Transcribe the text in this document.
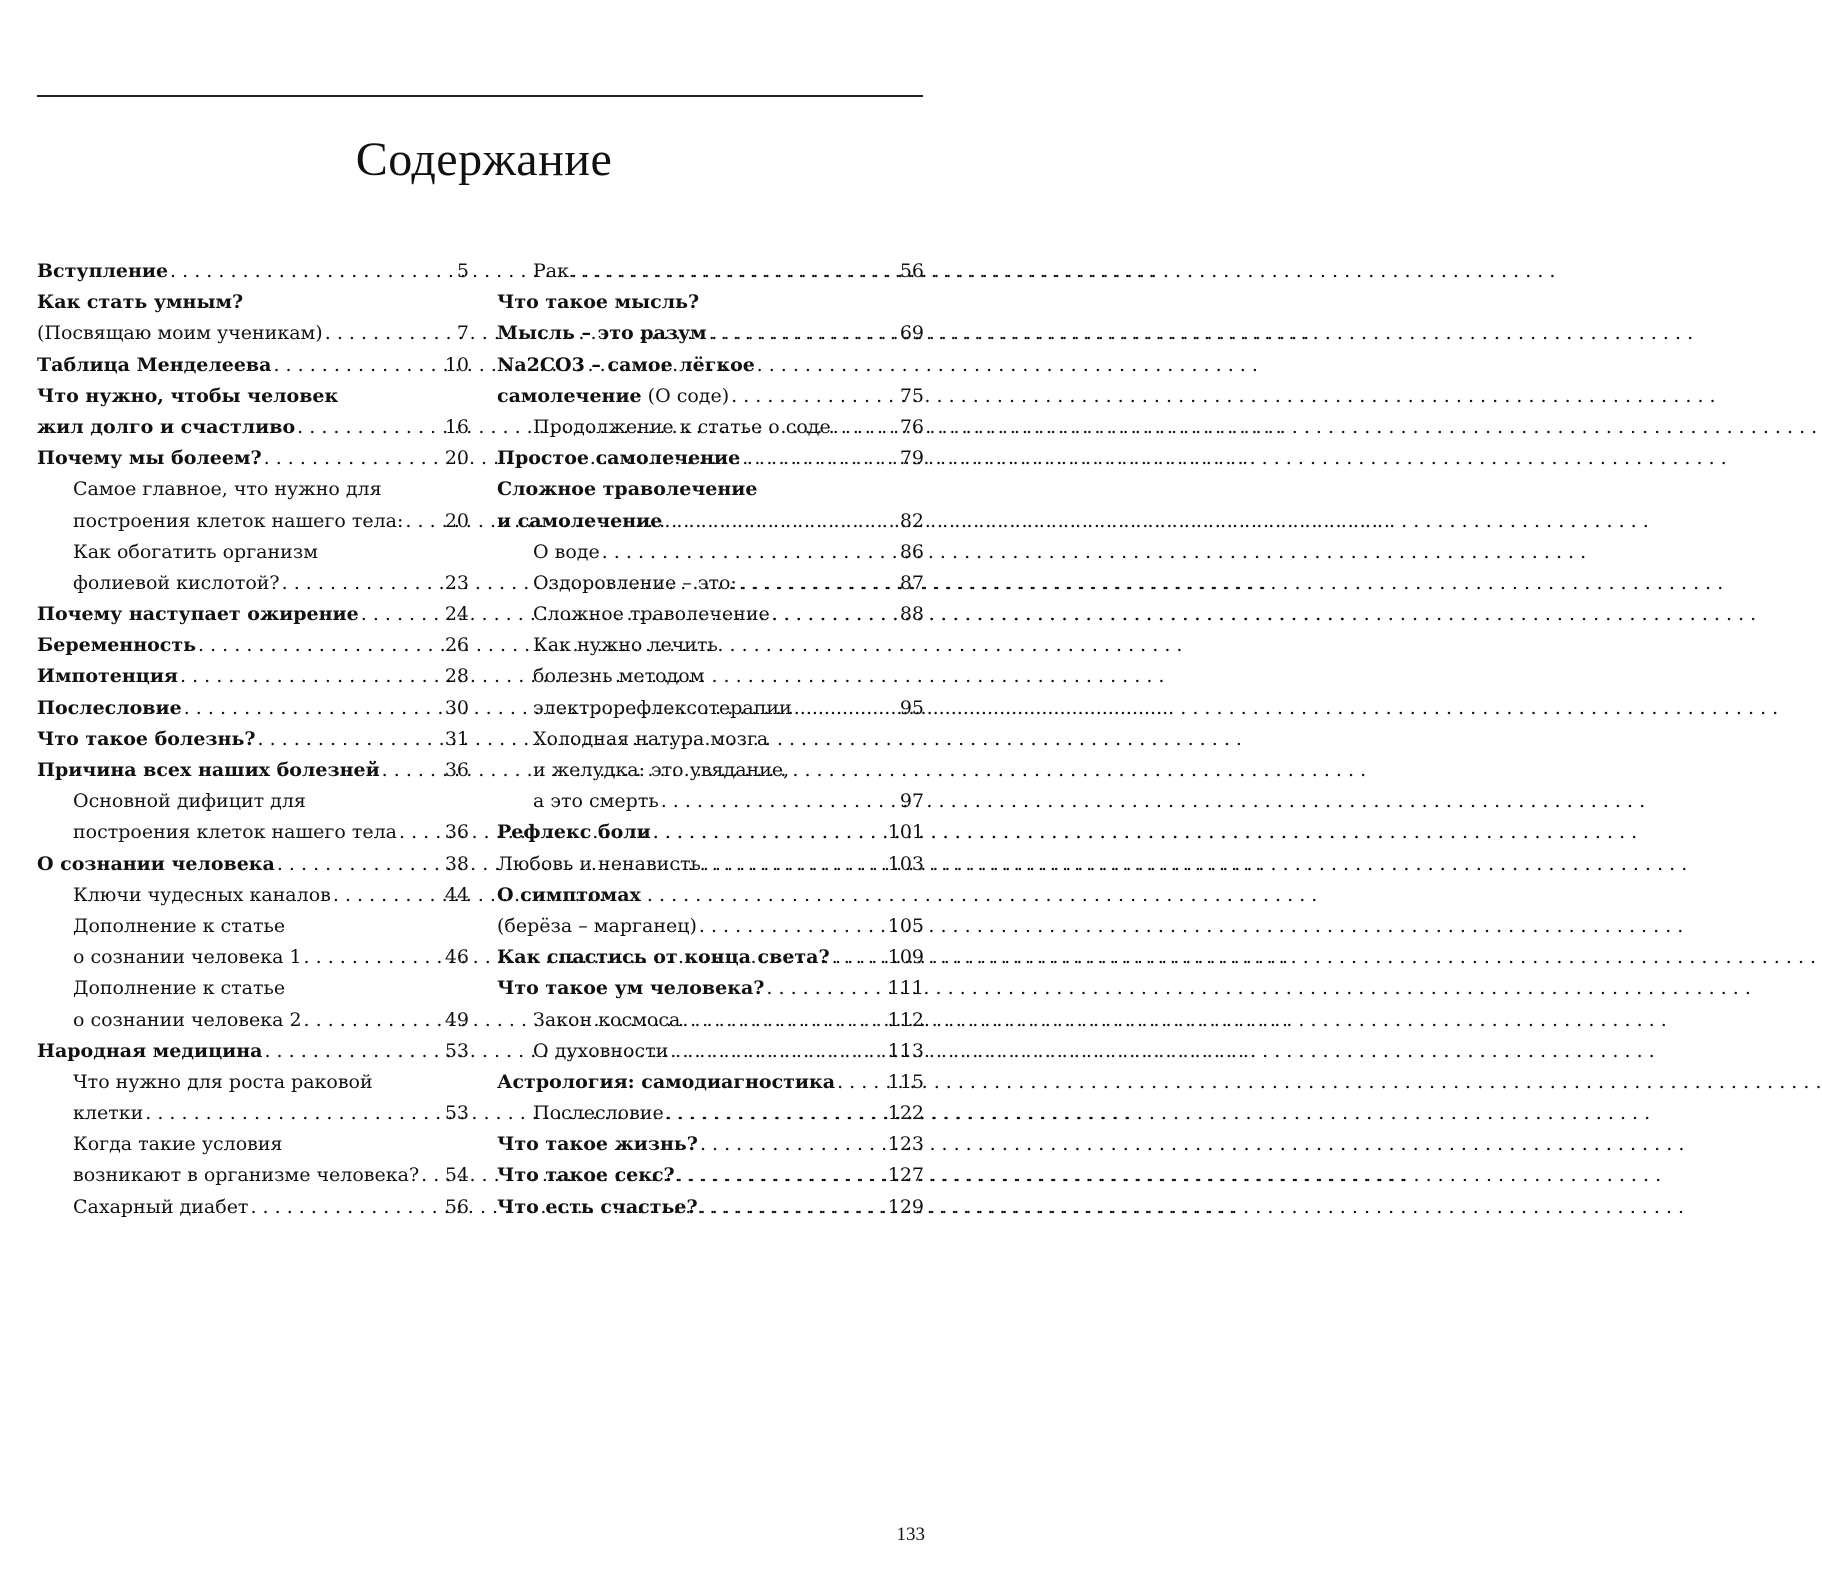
Содержание
Вступление . . .	5
Как стать умным?
(Посвящаю моим ученикам) . . .	7
Таблица Менделеева . . .	10
Что нужно, чтобы человек
жил долго и счастливо . . .	16
Почему мы болеем? . . .	20
Самое главное, что нужно для
построения клеток нашего тела: . . . 20
Как обогатить организм
фолиевой кислотой? . . .	23
Почему наступает ожирение . . .	24
Беременность . . .	26
Импотенция . . .	28
Послесловие . . .	30
Что такое болезнь? . . .	31
Причина всех наших болезней . . .	36
Основной дифицит для
построения клеток нашего тела . . .	36
О сознании человека . . .	38
Ключи чудесных каналов . . .	44
Дополнение к статье
о сознании человека 1 . . .	46
Дополнение к статье
о сознании человека 2 . . .	49
Народная медицина . . .	53
Что нужно для роста раковой
клетки . . .	53
Когда такие условия
возникают в организме человека? . . . 54
Сахарный диабет . . .	56
Рак . . .	56
Что такое мысль?
Мысль – это разум . . .	69
Na2CO3 – самое лёгкое
самолечение (О соде) . . .	75
Продолжение к статье о соде . . .	76
Простое самолечение . . .	79
Сложное траволечение
и самолечение . . .	82
О воде . . .	86
Оздоровление – это: . . .	87
Сложное траволечение . . .	88
Как нужно лечить
болезнь методом
электрорефлексотерапии . . .	95
Холодная натура мозга
и желудка: это увядание,
а это смерть . . .	97
Рефлекс боли . . .	101
Любовь и ненависть . . .	103
О симптомах
(берёза – марганец) . . .	105
Как спастись от конца света? . . .	109
Что такое ум человека? . . .	111
Закон космоса . . .	112
О духовности . . .	113
Астрология: самодиагностика . . .	115
Послесловие . . .	122
Что такое жизнь? . . .	123
Что такое секс? . . .	127
Что есть счастье? . . .	129
133
